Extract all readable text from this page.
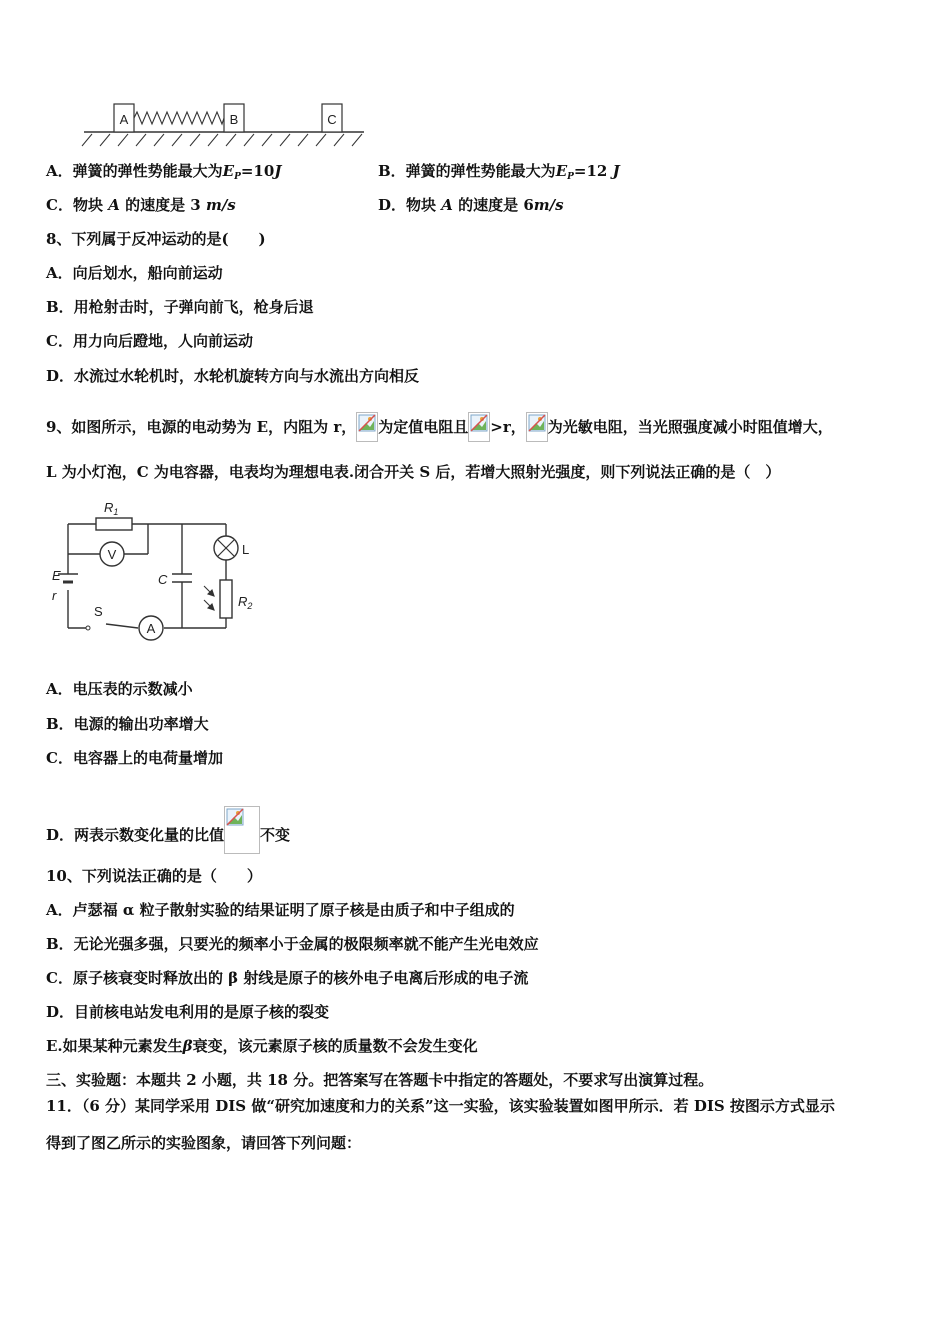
A	B	C
A．弹簧的弹性势能最大为$E_P=10J$	B．弹簧的弹性势能最大为$E_P=12$ J
C．物块 A 的速度是 3 m/s	D．物块 A 的速度是 6m/s
8、下列属于反冲运动的是(　　)
A．向后划水，船向前运动
B．用枪射击时，子弹向前飞，枪身后退
C．用力向后蹬地，人向前运动
D．水流过水轮机时，水轮机旋转方向与水流出方向相反
9、如图所示，电源的电动势为 E，内阻为 r， 为定值电阻且 >r， 为光敏电阻，当光照强度减小时阻值增大，
L 为小灯泡，C 为电容器，电表均为理想电表.闭合开关 S 后，若增大照射光强度，则下列说法正确的是（　）
$R_1$
V
E
r
S
A
C
L
$R_2$
A．电压表的示数减小
B．电源的输出功率增大
C．电容器上的电荷量增加
D．两表示数变化量的比值 不变
10、下列说法正确的是（　　）
A．卢瑟福 α 粒子散射实验的结果证明了原子核是由质子和中子组成的
B．无论光强多强，只要光的频率小于金属的极限频率就不能产生光电效应
C．原子核衰变时释放出的 β 射线是原子的核外电子电离后形成的电子流
D．目前核电站发电利用的是原子核的裂变
E.如果某种元素发生β衰变，该元素原子核的质量数不会发生变化
三、实验题：本题共 2 小题，共 18 分。把答案写在答题卡中指定的答题处，不要求写出演算过程。
11．（6 分）某同学采用 DIS 做“研究加速度和力的关系”这一实验，该实验装置如图甲所示．若 DIS 按图示方式显示
得到了图乙所示的实验图象，请回答下列问题：
